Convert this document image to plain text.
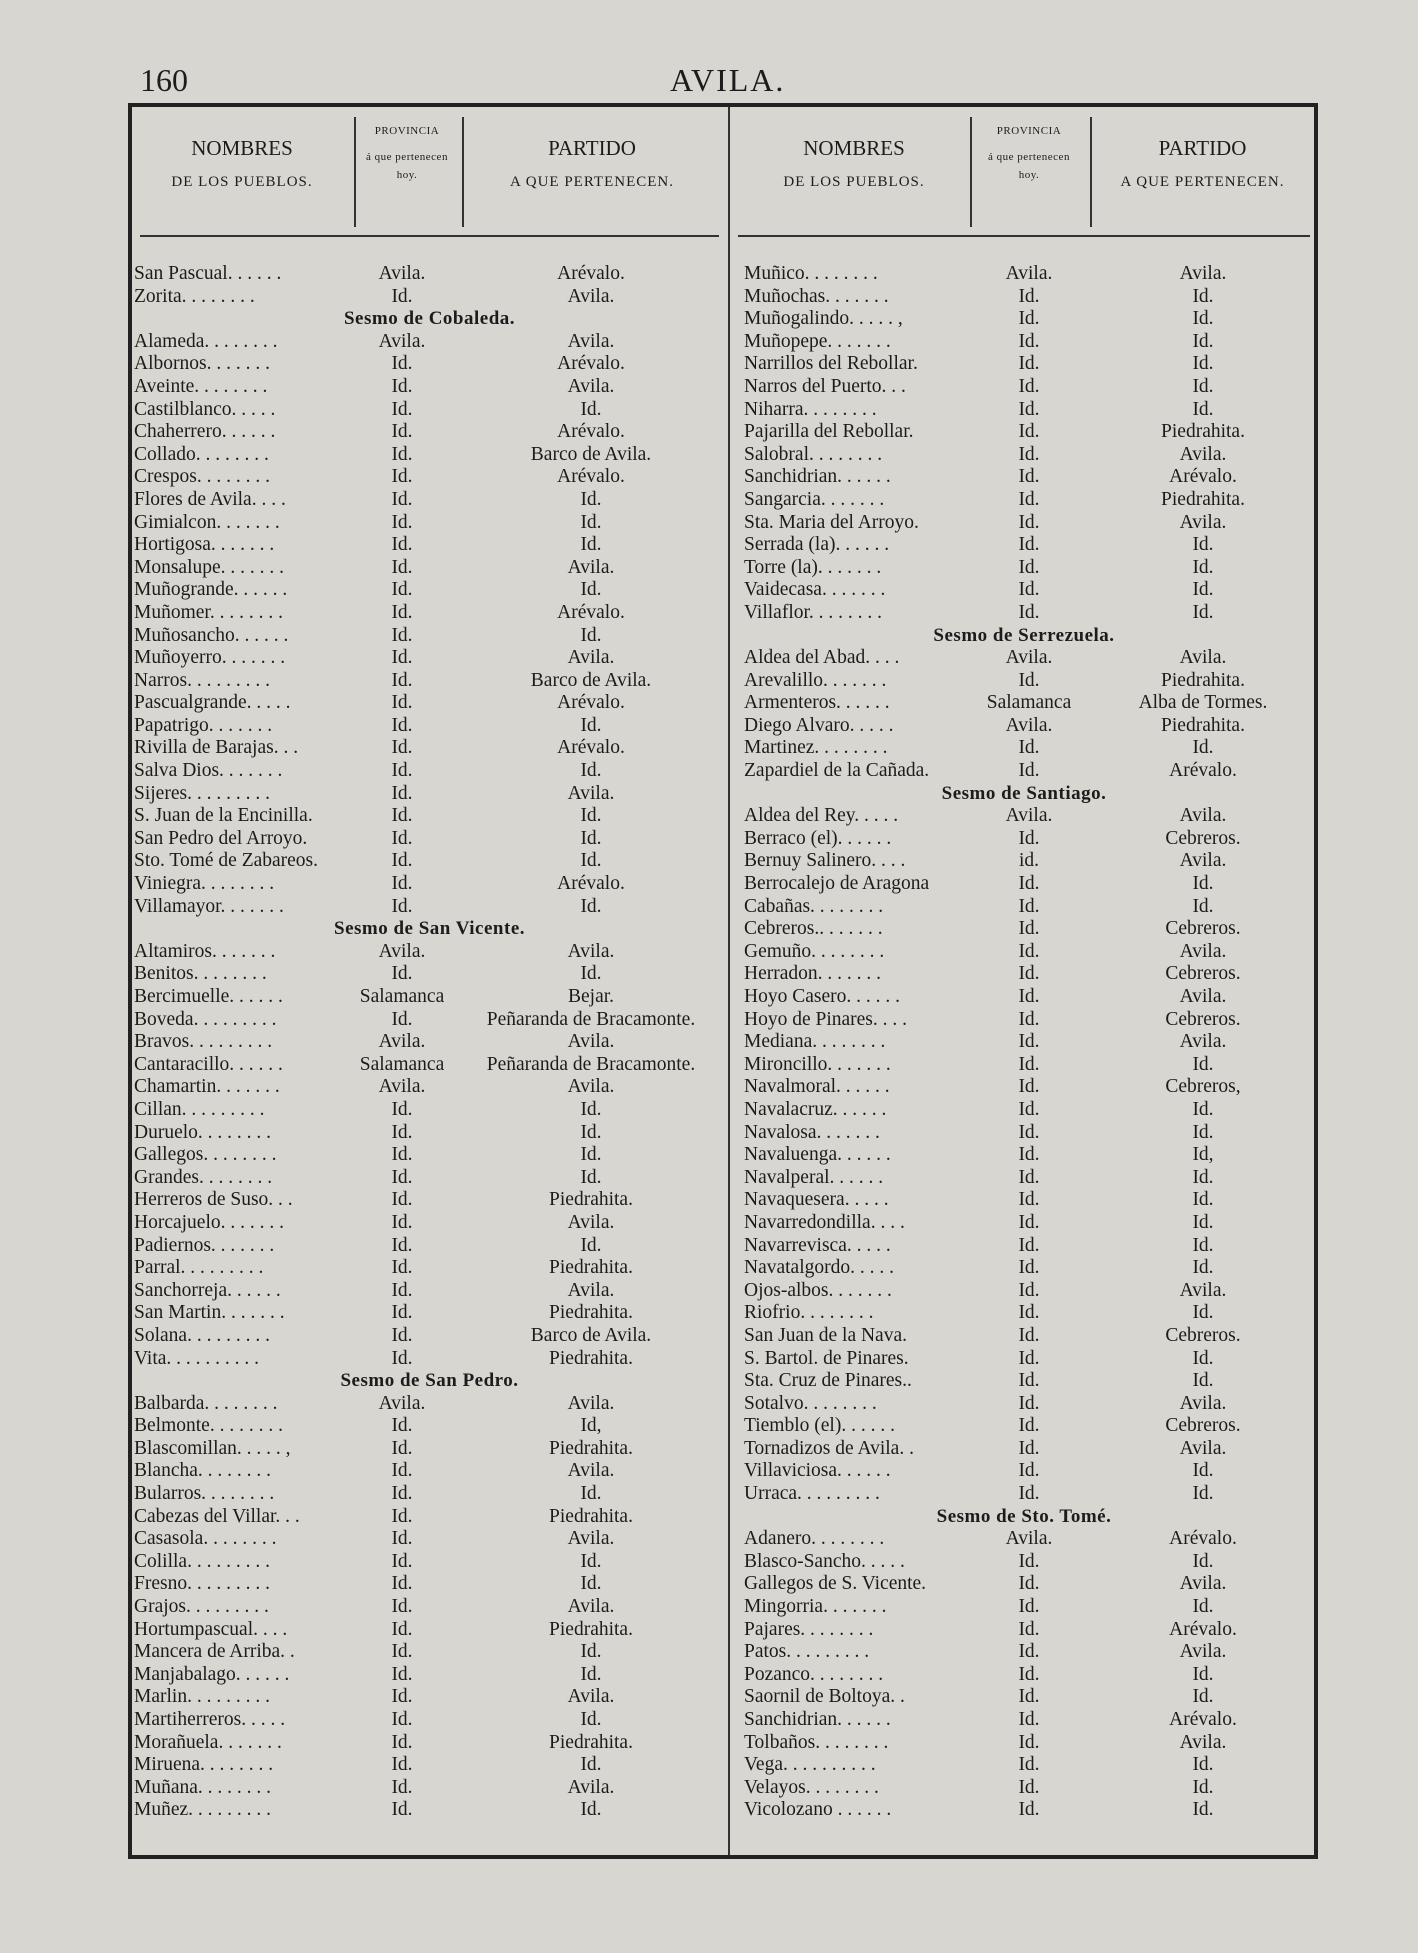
160	AVILA.
NOMBRES
DE LOS PUEBLOS.
PROVINCIA
á que pertenecen
hoy.
PARTIDO
A QUE PERTENECEN.
San Pascual. . . . . .	Avila.	Arévalo.
Zorita. . . . . . . .	Id.	Avila.
Sesmo de Cobaleda.
Alameda. . . . . . . .	Avila.	Avila.
Albornos. . . . . . .	Id.	Arévalo.
Aveinte. . . . . . . .	Id.	Avila.
Castilblanco. . . . .	Id.	Id.
Chaherrero. . . . . .	Id.	Arévalo.
Collado. . . . . . . .	Id.	Barco de Avila.
Crespos. . . . . . . .	Id.	Arévalo.
Flores de Avila. . . .	Id.	Id.
Gimialcon. . . . . . .	Id.	Id.
Hortigosa. . . . . . .	Id.	Id.
Monsalupe. . . . . . .	Id.	Avila.
Muñogrande. . . . . .	Id.	Id.
Muñomer. . . . . . . .	Id.	Arévalo.
Muñosancho. . . . . .	Id.	Id.
Muñoyerro. . . . . . .	Id.	Avila.
Narros. . . . . . . . .	Id.	Barco de Avila.
Pascualgrande. . . . .	Id.	Arévalo.
Papatrigo. . . . . . .	Id.	Id.
Rivilla de Barajas. . .	Id.	Arévalo.
Salva Dios. . . . . . .	Id.	Id.
Sijeres. . . . . . . . .	Id.	Avila.
S. Juan de la Encinilla.	Id.	Id.
San Pedro del Arroyo.	Id.	Id.
Sto. Tomé de Zabareos.	Id.	Id.
Viniegra. . . . . . . .	Id.	Arévalo.
Villamayor. . . . . . .	Id.	Id.
Sesmo de San Vicente.
Altamiros. . . . . . .	Avila.	Avila.
Benitos. . . . . . . .	Id.	Id.
Bercimuelle. . . . . .	Salamanca	Bejar.
Boveda. . . . . . . . .	Id.	Peñaranda de Bracamonte.
Bravos. . . . . . . . .	Avila.	Avila.
Cantaracillo. . . . . .	Salamanca	Peñaranda de Bracamonte.
Chamartin. . . . . . .	Avila.	Avila.
Cillan. . . . . . . . .	Id.	Id.
Duruelo. . . . . . . .	Id.	Id.
Gallegos. . . . . . . .	Id.	Id.
Grandes. . . . . . . .	Id.	Id.
Herreros de Suso. . .	Id.	Piedrahita.
Horcajuelo. . . . . . .	Id.	Avila.
Padiernos. . . . . . .	Id.	Id.
Parral. . . . . . . . .	Id.	Piedrahita.
Sanchorreja. . . . . .	Id.	Avila.
San Martin. . . . . . .	Id.	Piedrahita.
Solana. . . . . . . . .	Id.	Barco de Avila.
Vita. . . . . . . . . .	Id.	Piedrahita.
Sesmo de San Pedro.
Balbarda. . . . . . . .	Avila.	Avila.
Belmonte. . . . . . . .	Id.	Id,
Blascomillan. . . . . ,	Id.	Piedrahita.
Blancha. . . . . . . .	Id.	Avila.
Bularros. . . . . . . .	Id.	Id.
Cabezas del Villar. . .	Id.	Piedrahita.
Casasola. . . . . . . .	Id.	Avila.
Colilla. . . . . . . . .	Id.	Id.
Fresno. . . . . . . . .	Id.	Id.
Grajos. . . . . . . . .	Id.	Avila.
Hortumpascual. . . .	Id.	Piedrahita.
Mancera de Arriba. .	Id.	Id.
Manjabalago. . . . . .	Id.	Id.
Marlin. . . . . . . . .	Id.	Avila.
Martiherreros. . . . .	Id.	Id.
Morañuela. . . . . . .	Id.	Piedrahita.
Miruena. . . . . . . .	Id.	Id.
Muñana. . . . . . . .	Id.	Avila.
Muñez. . . . . . . . .	Id.	Id.
NOMBRES
DE LOS PUEBLOS.
PROVINCIA
á que pertenecen
hoy.
PARTIDO
A QUE PERTENECEN.
Muñico. . . . . . . .	Avila.	Avila.
Muñochas. . . . . . .	Id.	Id.
Muñogalindo. . . . . ,	Id.	Id.
Muñopepe. . . . . . .	Id.	Id.
Narrillos del Rebollar.	Id.	Id.
Narros del Puerto. . .	Id.	Id.
Niharra. . . . . . . .	Id.	Id.
Pajarilla del Rebollar.	Id.	Piedrahita.
Salobral. . . . . . . .	Id.	Avila.
Sanchidrian. . . . . .	Id.	Arévalo.
Sangarcia. . . . . . .	Id.	Piedrahita.
Sta. Maria del Arroyo.	Id.	Avila.
Serrada (la). . . . . .	Id.	Id.
Torre (la). . . . . . .	Id.	Id.
Vaidecasa. . . . . . .	Id.	Id.
Villaflor. . . . . . . .	Id.	Id.
Sesmo de Serrezuela.
Aldea del Abad. . . .	Avila.	Avila.
Arevalillo. . . . . . .	Id.	Piedrahita.
Armenteros. . . . . .	Salamanca	Alba de Tormes.
Diego Alvaro. . . . .	Avila.	Piedrahita.
Martinez. . . . . . . .	Id.	Id.
Zapardiel de la Cañada.	Id.	Arévalo.
Sesmo de Santiago.
Aldea del Rey. . . . .	Avila.	Avila.
Berraco (el). . . . . .	Id.	Cebreros.
Bernuy Salinero. . . .	id.	Avila.
Berrocalejo de Aragona	Id.	Id.
Cabañas. . . . . . . .	Id.	Id.
Cebreros.. . . . . . .	Id.	Cebreros.
Gemuño. . . . . . . .	Id.	Avila.
Herradon. . . . . . .	Id.	Cebreros.
Hoyo Casero. . . . . .	Id.	Avila.
Hoyo de Pinares. . . .	Id.	Cebreros.
Mediana. . . . . . . .	Id.	Avila.
Mironcillo. . . . . . .	Id.	Id.
Navalmoral. . . . . .	Id.	Cebreros,
Navalacruz. . . . . .	Id.	Id.
Navalosa. . . . . . .	Id.	Id.
Navaluenga. . . . . .	Id.	Id,
Navalperal. . . . . .	Id.	Id.
Navaquesera. . . . .	Id.	Id.
Navarredondilla. . . .	Id.	Id.
Navarrevisca. . . . .	Id.	Id.
Navatalgordo. . . . .	Id.	Id.
Ojos-albos. . . . . . .	Id.	Avila.
Riofrio. . . . . . . .	Id.	Id.
San Juan de la Nava.	Id.	Cebreros.
S. Bartol. de Pinares.	Id.	Id.
Sta. Cruz de Pinares..	Id.	Id.
Sotalvo. . . . . . . .	Id.	Avila.
Tiemblo (el). . . . . .	Id.	Cebreros.
Tornadizos de Avila. .	Id.	Avila.
Villaviciosa. . . . . .	Id.	Id.
Urraca. . . . . . . . .	Id.	Id.
Sesmo de Sto. Tomé.
Adanero. . . . . . . .	Avila.	Arévalo.
Blasco-Sancho. . . . .	Id.	Id.
Gallegos de S. Vicente.	Id.	Avila.
Mingorria. . . . . . .	Id.	Id.
Pajares. . . . . . . .	Id.	Arévalo.
Patos. . . . . . . . .	Id.	Avila.
Pozanco. . . . . . . .	Id.	Id.
Saornil de Boltoya. .	Id.	Id.
Sanchidrian. . . . . .	Id.	Arévalo.
Tolbaños. . . . . . . .	Id.	Avila.
Vega. . . . . . . . . .	Id.	Id.
Velayos. . . . . . . .	Id.	Id.
Vicolozano . . . . . .	Id.	Id.
